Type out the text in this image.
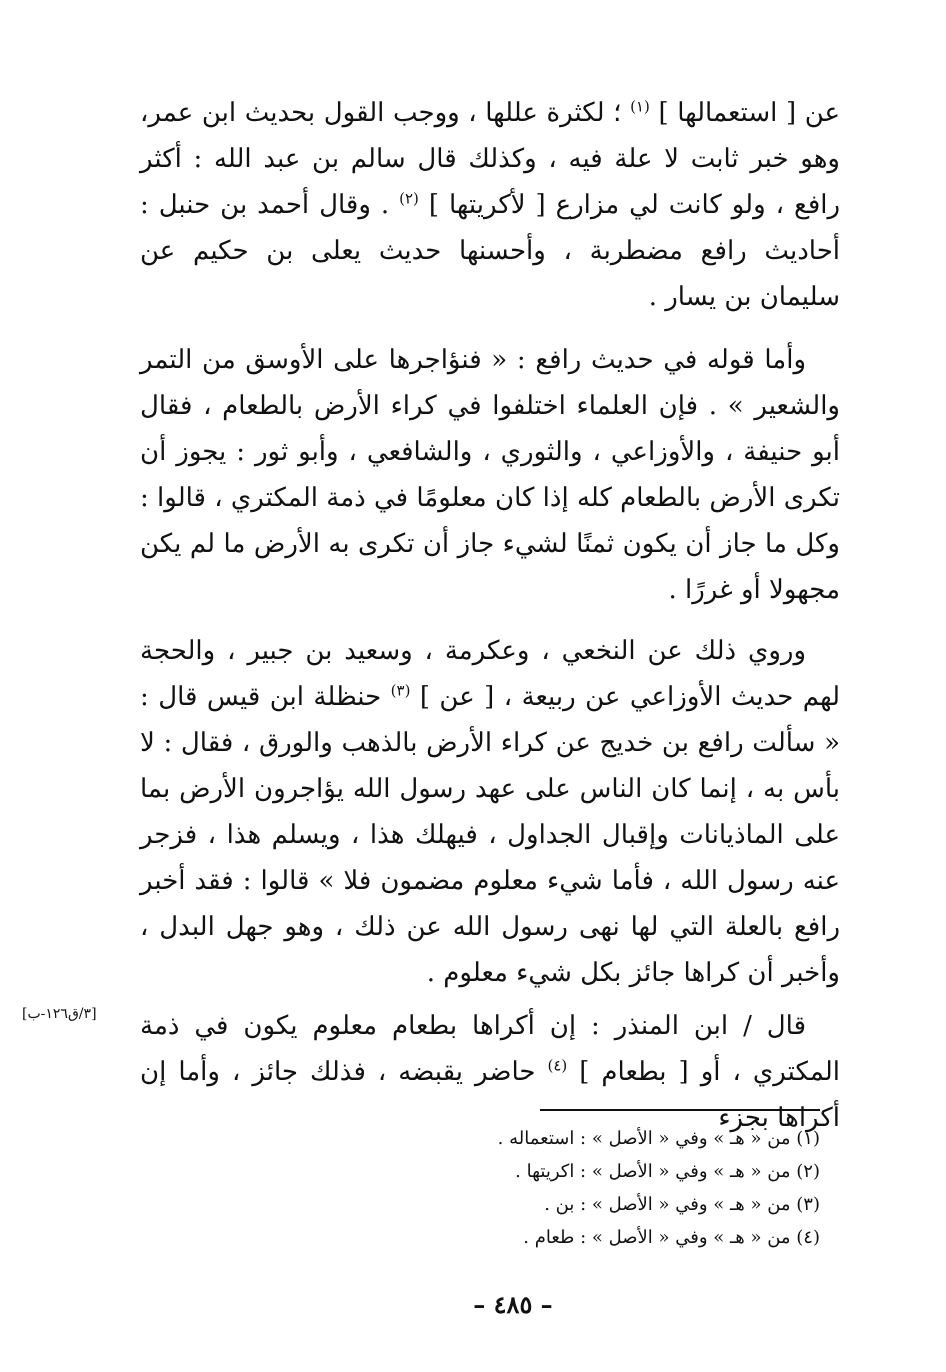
عن [ استعمالها ] $^{(١)}$ ؛ لكثرة عللها ، ووجب القول بحديث ابن عمر، وهو خبر ثابت لا علة فيه ، وكذلك قال سالم بن عبد الله : أكثر رافع ، ولو كانت لي مزارع [ لأكريتها ] $^{(٢)}$ . وقال أحمد بن حنبل : أحاديث رافع مضطربة ، وأحسنها حديث يعلى بن حكيم عن سليمان بن يسار .

وأما قوله في حديث رافع : « فنؤاجرها على الأوسق من التمر والشعير » . فإن العلماء اختلفوا في كراء الأرض بالطعام ، فقال أبو حنيفة ، والأوزاعي ، والثوري ، والشافعي ، وأبو ثور : يجوز أن تكرى الأرض بالطعام كله إذا كان معلومًا في ذمة المكتري ، قالوا : وكل ما جاز أن يكون ثمنًا لشيء جاز أن تكرى به الأرض ما لم يكن مجهولا أو غررًا .

وروي ذلك عن النخعي ، وعكرمة ، وسعيد بن جبير ، والحجة لهم حديث الأوزاعي عن ربيعة ، [ عن ] $^{(٣)}$ حنظلة ابن قيس قال : « سألت رافع بن خديج عن كراء الأرض بالذهب والورق ، فقال : لا بأس به ، إنما كان الناس على عهد رسول الله يؤاجرون الأرض بما على الماذيانات وإقبال الجداول ، فيهلك هذا ، ويسلم هذا ، فزجر عنه رسول الله ، فأما شيء معلوم مضمون فلا » قالوا : فقد أخبر رافع بالعلة التي لها نهى رسول الله عن ذلك ، وهو جهل البدل ، وأخبر أن كراها جائز بكل شيء معلوم .

قال / ابن المنذر : إن أكراها بطعام معلوم يكون في ذمة المكتري ، أو [ بطعام ] $^{(٤)}$ حاضر يقبضه ، فذلك جائز ، وأما إن أكراها بجزء

[٣/ق١٢٦-ب]
(١) من « هـ » وفي « الأصل » : استعماله .
(٢) من « هـ » وفي « الأصل » : اكريتها .
(٣) من « هـ » وفي « الأصل » : بن .
(٤) من « هـ » وفي « الأصل » : طعام .
– ٤٨٥ –
